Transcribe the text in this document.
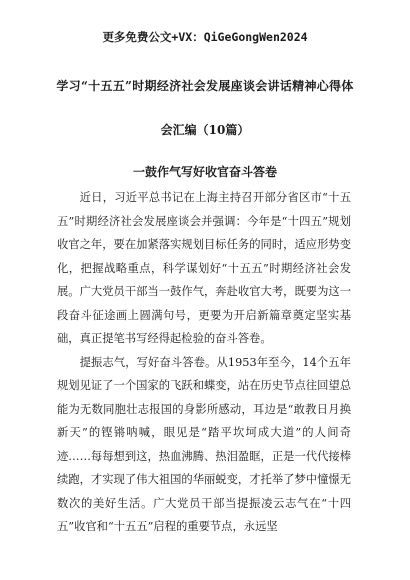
更多免费公文+VX：QiGeGongWen2024
学习“十五五”时期经济社会发展座谈会讲话精神心得体
会汇编（10篇）
一鼓作气写好收官奋斗答卷

近日，习近平总书记在上海主持召开部分省区市“十五五”时期经济社会发展座谈会并强调：今年是“十四五”规划收官之年，要在加紧落实规划目标任务的同时，适应形势变化，把握战略重点，科学谋划好“十五五”时期经济社会发展。广大党员干部当一鼓作气，奔赴收官大考，既要为这一段奋斗征途画上圆满句号，更要为开启新篇章奠定坚实基础，真正提笔书写经得起检验的奋斗答卷。

提振志气，写好奋斗答卷。从1953年至今，14个五年规划见证了一个国家的飞跃和蝶变，站在历史节点往回望总能为无数同胞壮志报国的身影所感动，耳边是“敢教日月换新天”的铿锵呐喊，眼见是“踏平坎坷成大道”的人间奇迹……每每想到这，热血沸腾、热泪盈眶，正是一代代接棒续跑，才实现了伟大祖国的华丽蜕变，才托举了梦中憧憬无数次的美好生活。广大党员干部当提振凌云志气在“十四五”收官和“十五五”启程的重要节点，永远坚
